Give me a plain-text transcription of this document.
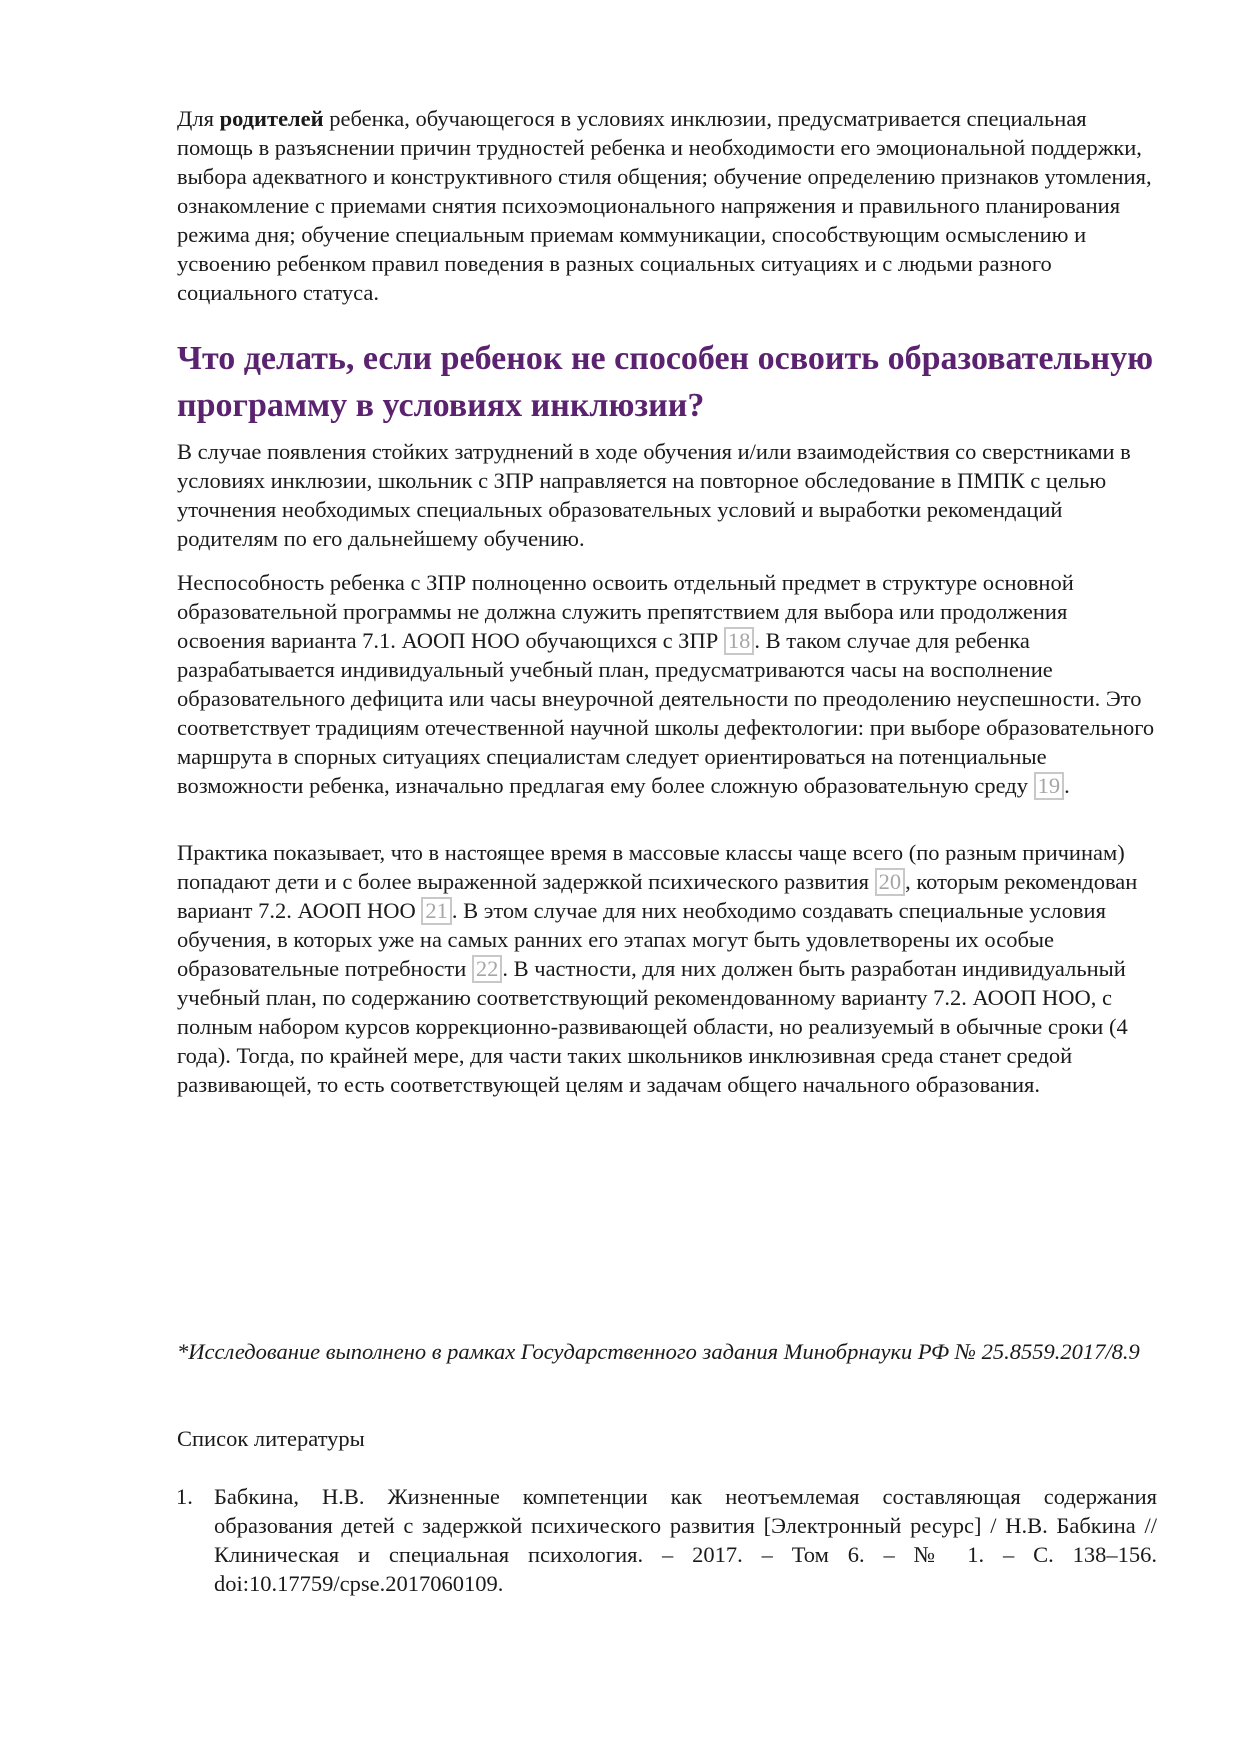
Для родителей ребенка, обучающегося в условиях инклюзии, предусматривается специальная помощь в разъяснении причин трудностей ребенка и необходимости его эмоциональной поддержки, выбора адекватного и конструктивного стиля общения; обучение определению признаков утомления, ознакомление с приемами снятия психоэмоционального напряжения и правильного планирования режима дня; обучение специальным приемам коммуникации, способствующим осмыслению и усвоению ребенком правил поведения в разных социальных ситуациях и с людьми разного социального статуса.

Что делать, если ребенок не способен освоить образовательную программу в условиях инклюзии?

В случае появления стойких затруднений в ходе обучения и/или взаимодействия со сверстниками в условиях инклюзии, школьник с ЗПР направляется на повторное обследование в ПМПК с целью уточнения необходимых специальных образовательных условий и выработки рекомендаций родителям по его дальнейшему обучению.

Неспособность ребенка с ЗПР полноценно освоить отдельный предмет в структуре основной образовательной программы не должна служить препятствием для выбора или продолжения освоения варианта 7.1. АООП НОО обучающихся с ЗПР 18 . В таком случае для ребенка разрабатывается индивидуальный учебный план, предусматриваются часы на восполнение образовательного дефицита или часы внеурочной деятельности по преодолению неуспешности. Это соответствует традициям отечественной научной школы дефектологии: при выборе образовательного маршрута в спорных ситуациях специалистам следует ориентироваться на потенциальные возможности ребенка, изначально предлагая ему более сложную образовательную среду 19 .

Практика показывает, что в настоящее время в массовые классы чаще всего (по разным причинам) попадают дети и с более выраженной задержкой психического развития 20 , которым рекомендован вариант 7.2. АООП НОО 21 . В этом случае для них необходимо создавать специальные условия обучения, в которых уже на самых ранних его этапах могут быть удовлетворены их особые образовательные потребности 22 . В частности, для них должен быть разработан индивидуальный учебный план, по содержанию соответствующий рекомендованному варианту 7.2. АООП НОО, с полным набором курсов коррекционно-развивающей области, но реализуемый в обычные сроки (4 года). Тогда, по крайней мере, для части таких школьников инклюзивная среда станет средой развивающей, то есть соответствующей целям и задачам общего начального образования.

*Исследование выполнено в рамках Государственного задания Минобрнауки РФ № 25.8559.2017/8.9

Список литературы

1. Бабкина, Н.В. Жизненные компетенции как неотъемлемая составляющая содержания образования детей с задержкой психического развития [Электронный ресурс] / Н.В. Бабкина // Клиническая и специальная психология. – 2017. – Том 6. – № 1. – С. 138–156. doi:10.17759/cpse.2017060109.
